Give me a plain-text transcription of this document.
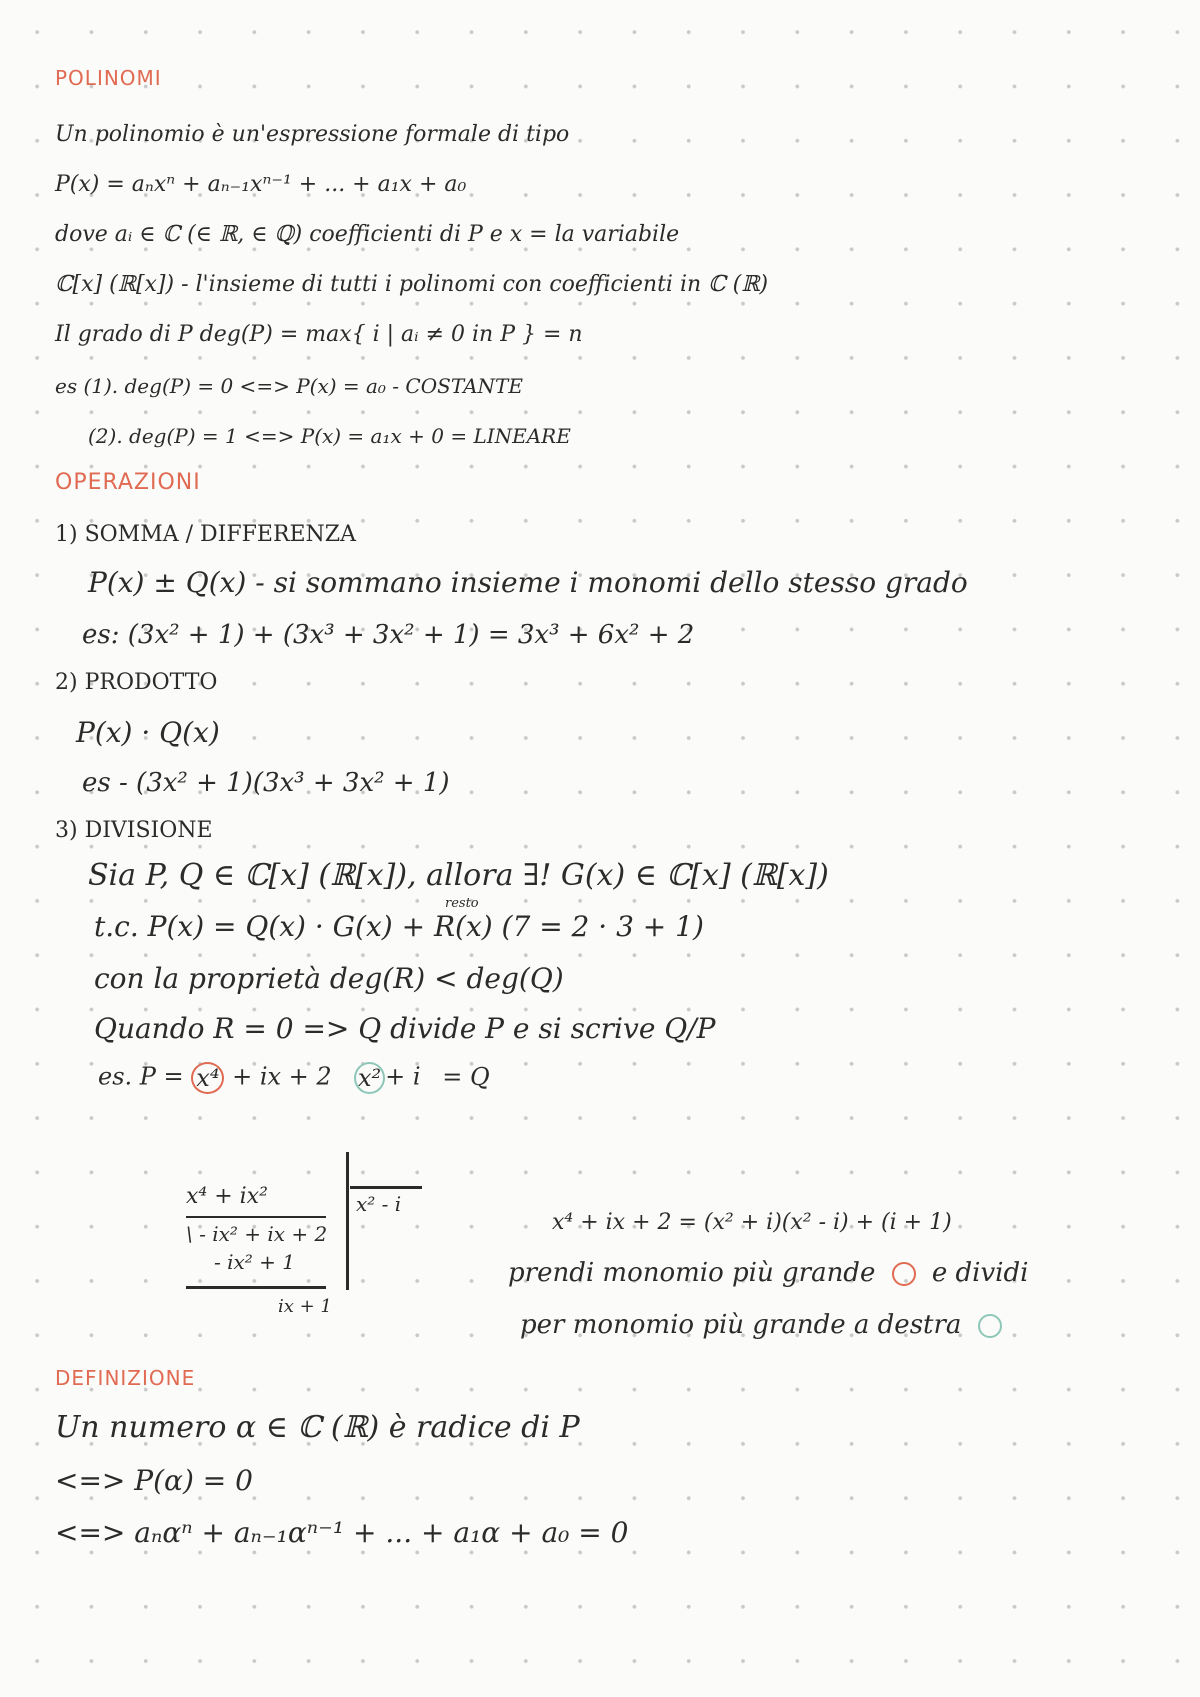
POLINOMI
Un polinomio è un'espressione formale di tipo
P(x) = aₙxⁿ + aₙ₋₁xⁿ⁻¹ + ... + a₁x + a₀
dove aᵢ ∈ ℂ (∈ ℝ, ∈ ℚ) coefficienti di P e x = la variabile
ℂ[x] (ℝ[x]) - l'insieme di tutti i polinomi con coefficienti in ℂ (ℝ)
Il grado di P deg(P) = max{ i | aᵢ ≠ 0 in P } = n
es (1). deg(P) = 0 <=> P(x) = a₀ - COSTANTE
(2). deg(P) = 1 <=> P(x) = a₁x + 0 = LINEARE
OPERAZIONI
1) SOMMA / DIFFERENZA
P(x) ± Q(x) - si sommano insieme i monomi dello stesso grado
es: (3x² + 1) + (3x³ + 3x² + 1) = 3x³ + 6x² + 2
2) PRODOTTO
P(x) · Q(x)
es - (3x² + 1)(3x³ + 3x² + 1)
3) DIVISIONE
Sia P, Q ∈ ℂ[x] (ℝ[x]), allora ∃! G(x) ∈ ℂ[x] (ℝ[x])
resto
t.c. P(x) = Q(x) · G(x) + R(x) (7 = 2 · 3 + 1)
con la proprietà deg(R) < deg(Q)
Quando R = 0 => Q divide P e si scrive Q/P
es. P = x⁴ + ix + 2 x² + i = Q
x² - i
x⁴ + ix²
\ - ix² + ix + 2
- ix² + 1
ix + 1
x⁴ + ix + 2 = (x² + i)(x² - i) + (i + 1)
prendi monomio più grande e dividi
per monomio più grande a destra
DEFINIZIONE
Un numero α ∈ ℂ (ℝ) è radice di P
<=> P(α) = 0
<=> aₙαⁿ + aₙ₋₁αⁿ⁻¹ + ... + a₁α + a₀ = 0
